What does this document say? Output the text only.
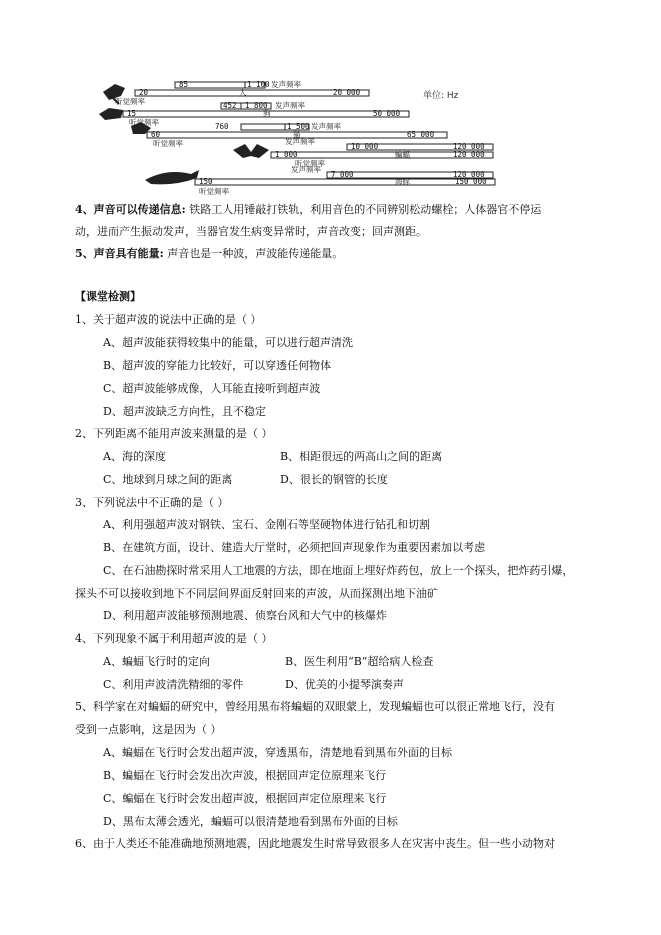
85	1 100 发声频率
20	人	20 000
听觉频率	452 1 800 发声频率
15	狗	50 000
听觉频率	760	1 500 发声频率
60	猫	65 000
听觉频率	发声频率
10 000	120 000
1 000	蝙蝠	120 000
听觉频率
发声频率
7 000	120 000
150	海豚	150 000
听觉频率
单位: Hz
4、声音可以传递信息: 铁路工人用锤敲打铁轨，利用音色的不同辨别松动螺栓；人体器官不停运
动，进而产生振动发声，当器官发生病变异常时，声音改变；回声测距。
5、声音具有能量: 声音也是一种波，声波能传递能量。
【课堂检测】
1、关于超声波的说法中正确的是（ ）
A、超声波能获得较集中的能量，可以进行超声清洗
B、超声波的穿能力比较好，可以穿透任何物体
C、超声波能够成像，人耳能直接听到超声波
D、超声波缺乏方向性，且不稳定
2、下列距离不能用声波来测量的是（ ）
A、海的深度	B、相距很远的两高山之间的距离
C、地球到月球之间的距离	D、很长的钢管的长度
3、下列说法中不正确的是（ ）
A、利用强超声波对钢铁、宝石、金刚石等坚硬物体进行钻孔和切割
B、在建筑方面，设计、建造大厅堂时，必须把回声现象作为重要因素加以考虑
C、在石油勘探时常采用人工地震的方法，即在地面上埋好炸药包，放上一个探头，把炸药引爆，
探头不可以接收到地下不同层间界面反射回来的声波，从而探测出地下油矿
D、利用超声波能够预测地震、侦察台风和大气中的核爆炸
4、下列现象不属于利用超声波的是（ ）
A、蝙蝠飞行时的定向	B、医生利用“B”超给病人检查
C、利用声波清洗精细的零件	D、优美的小提琴演奏声
5、科学家在对蝙蝠的研究中，曾经用黑布将蝙蝠的双眼蒙上，发现蝙蝠也可以很正常地飞行，没有
受到一点影响，这是因为（ ）
A、蝙蝠在飞行时会发出超声波，穿透黑布，清楚地看到黑布外面的目标
B、蝙蝠在飞行时会发出次声波，根据回声定位原理来飞行
C、蝙蝠在飞行时会发出超声波，根据回声定位原理来飞行
D、黑布太薄会透光，蝙蝠可以很清楚地看到黑布外面的目标
6、由于人类还不能准确地预测地震，因此地震发生时常导致很多人在灾害中丧生。但一些小动物对
